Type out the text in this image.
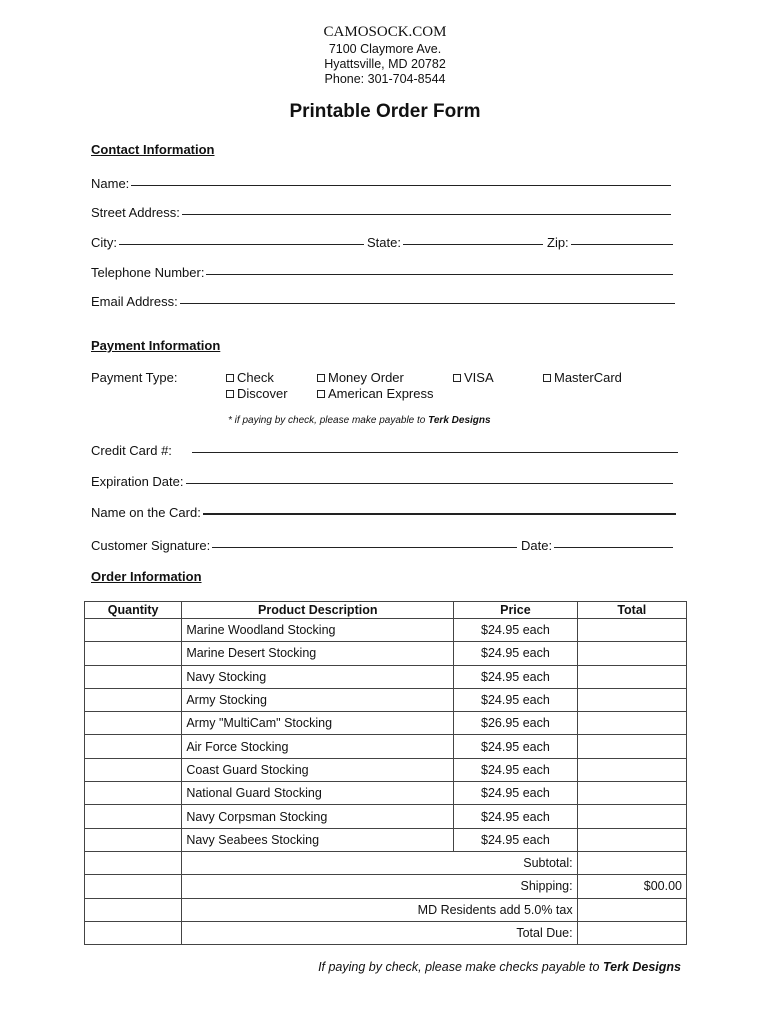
CAMOSOCK.COM
7100 Claymore Ave.
Hyattsville, MD 20782
Phone: 301-704-8544
Printable Order Form
Contact Information
Name:
Street Address:
City:	State:	Zip:
Telephone Number:
Email Address:
Payment Information
Payment Type:	Check	Money Order	VISA	MasterCard
Discover	American Express
* if paying by check, please make payable to Terk Designs
Credit Card #:
Expiration Date:
Name on the Card:
Customer Signature:	Date:
Order Information
Quantity	Product Description	Price	Total
	Marine Woodland Stocking	$24.95 each	
	Marine Desert Stocking	$24.95 each	
	Navy Stocking	$24.95 each	
	Army Stocking	$24.95 each	
	Army "MultiCam" Stocking	$26.95 each	
	Air Force Stocking	$24.95 each	
	Coast Guard Stocking	$24.95 each	
	National Guard Stocking	$24.95 each	
	Navy Corpsman Stocking	$24.95 each	
	Navy Seabees Stocking	$24.95 each	
	Subtotal:		
	Shipping:		$00.00
	MD Residents add 5.0% tax		
	Total Due:		
If paying by check, please make checks payable to Terk Designs
